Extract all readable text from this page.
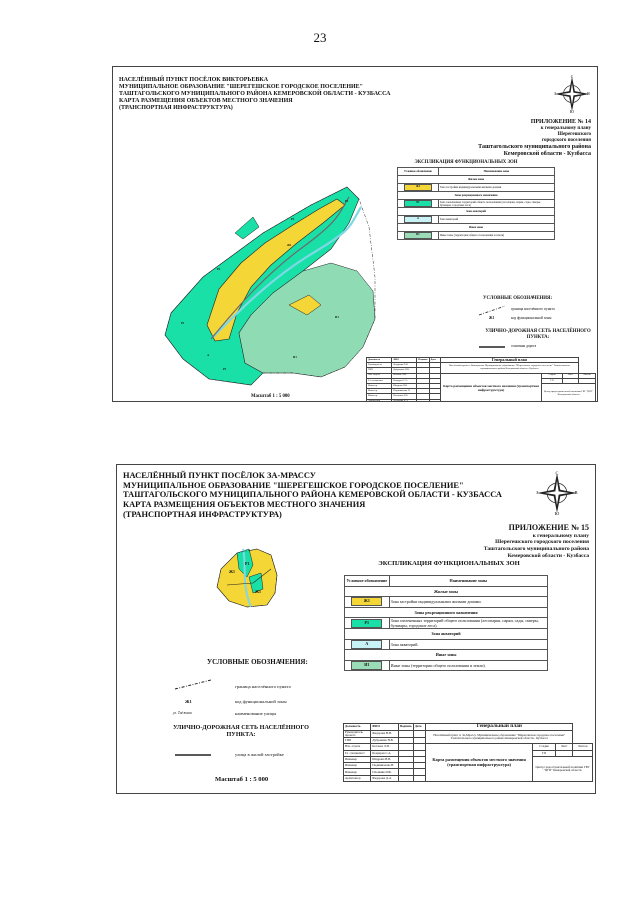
23
Ж1
Р1
Р1
Р1
Р1
И1
А	И1
Р1
НАСЕЛЁННЫЙ ПУНКТ ПОСЁЛОК ВИКТОРЬЕВКА
МУНИЦИПАЛЬНОЕ ОБРАЗОВАНИЕ "ШЕРЕГЕШСКОЕ ГОРОДСКОЕ ПОСЕЛЕНИЕ"
ТАШТАГОЛЬСКОГО МУНИЦИПАЛЬНОГО РАЙОНА КЕМЕРОВСКОЙ ОБЛАСТИ - КУЗБАССА
КАРТА РАЗМЕЩЕНИЯ ОБЪЕКТОВ МЕСТНОГО ЗНАЧЕНИЯ
(ТРАНСПОРТНАЯ ИНФРАСТРУКТУРА)
С
Ю
З	В
ПРИЛОЖЕНИЕ № 14
к генеральному плану
Шерегешского
городского поселения
Таштагольского муниципального района
Кемеровской области - Кузбасса
ЭКСПЛИКАЦИЯ ФУНКЦИОНАЛЬНЫХ ЗОН
Условное обозначение	Наименование зоны
Жилые зоны	
Ж1	Зона застройки индивидуальными жилыми домами
Зоны рекреационного назначения	
Р1	Зона озелененных территорий общего пользования (лесопарки, парки, сады, скверы, бульвары, городские леса)
Зона акваторий	
А	Зона акваторий
Иные зоны	
И1	Иные зоны (территории общего пользования и земли)
УСЛОВНЫЕ ОБОЗНАЧЕНИЯ:
граница населённого пункта
Ж1	код функциональной зоны
УЛИЧНО-ДОРОЖНАЯ СЕТЬ НАСЕЛЁННОГО ПУНКТА:
основная дорога
Должность	ФИО	Подпись	Дата	Генеральный план			
Руководитель	Федорова Н.В.			Населённый пункт п. Викторьевка. Муниципальное образование "Шерегешское городское поселение" Таштагольского муниципального района Кемеровской области - Кузбасса			
ГИП	Дубровина Н.В.						
Нач. отдела	Котлова Л.И.			Карта размещения объектов местного значения (транспортная инфраструктура)	Стадия	Лист	Листов
Гл. специалист	Бондарев С.А.				ГП		
Инженер	Шадрова Н.В.				Центр градостроительной политики ГБУ "ЦГП" Кемеровской области		
Инженер	Подшивалова Н.						
Инженер	Плонкина Р.Ф.						
Архитектор	Федорова Д.А.						
Масштаб 1 : 5 000
Ж1
Р1
Ж1
НАСЕЛЁННЫЙ ПУНКТ ПОСЁЛОК ЗА-МРАССУ
МУНИЦИПАЛЬНОЕ ОБРАЗОВАНИЕ "ШЕРЕГЕШСКОЕ ГОРОДСКОЕ ПОСЕЛЕНИЕ"
ТАШТАГОЛЬСКОГО МУНИЦИПАЛЬНОГО РАЙОНА КЕМЕРОВСКОЙ ОБЛАСТИ - КУЗБАССА
КАРТА РАЗМЕЩЕНИЯ ОБЪЕКТОВ МЕСТНОГО ЗНАЧЕНИЯ
(ТРАНСПОРТНАЯ ИНФРАСТРУКТУРА)
С
Ю
З	В
ПРИЛОЖЕНИЕ № 15
к генеральному плану
Шерегешского городского поселения
Таштагольского муниципального района
Кемеровской области - Кузбасса
ЭКСПЛИКАЦИЯ ФУНКЦИОНАЛЬНЫХ ЗОН
Условное обозначение	Наименование зоны
Жилые зоны	
Ж1	Зона застройки индивидуальными жилыми домами.
Зоны рекреационного назначения	
Р1	Зона озелененных территорий общего пользования (лесопарки, парки, сады, скверы, бульвары, городские леса).
Зона акваторий	
А	Зона акваторий.
Иные зоны	
И1	Иные зоны (территории общего пользования и земли).
УСЛОВНЫЕ ОБОЗНАЧЕНИЯ:
граница населённого пункта
Ж1	код функциональной зоны
ул. Таёжная	наименование улицы
УЛИЧНО-ДОРОЖНАЯ СЕТЬ НАСЕЛЁННОГО ПУНКТА:
улица в жилой застройке
Должность	ФИО	Подпись	Дата	Генеральный план			
Руководитель проекта	Федорова Н.В.			Населённый пункт п. За-Мрассу. Муниципальное образование "Шерегешское городское поселение" Таштагольского муниципального района Кемеровской области - Кузбасса			
ГИП	Дубровина Н.В.						
Нач. отдела	Котлова Л.И.			Карта размещения объектов местного значения (транспортная инфраструктура)	Стадия	Лист	Листов
Гл. специалист	Бондарев С.А.				ГП		
Инженер	Шадрова Н.В.				Центр градостроительной политики ГБУ "ЦГП" Кемеровской области		
Инженер	Подшивалова Н.						
Инженер	Плонкина Р.Ф.						
Архитектор	Федорова Д.А.						
Масштаб 1 : 5 000
